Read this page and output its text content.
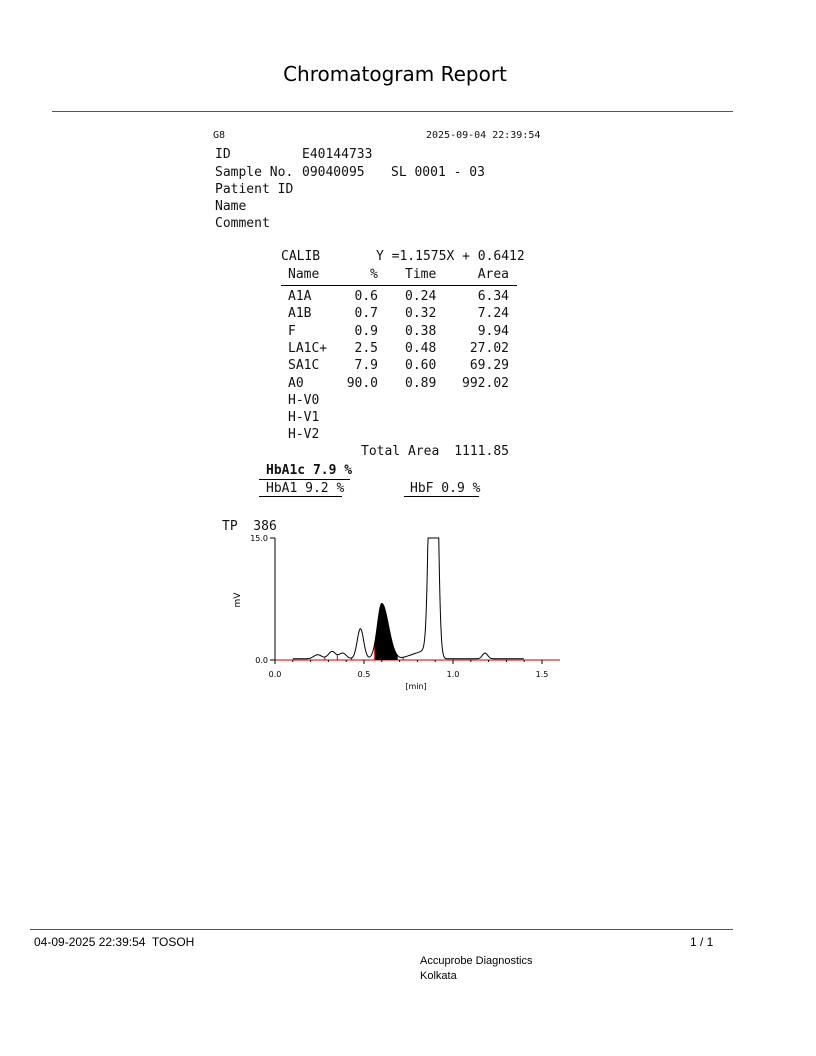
Chromatogram Report
G8	2025-09-04 22:39:54
ID	E40144733
Sample No. 09040095 SL 0001 - 03
Patient ID
Name
Comment
CALIB	Y =1.1575X + 0.6412
Name	% Time	Area
A1A	0.6 0.24	6.34
A1B	0.7 0.32	7.24
F	0.9 0.38	9.94
LA1C+	2.5 0.48	27.02
SA1C	7.9 0.60	69.29
A0	90.0 0.89	992.02
H-V0
H-V1
H-V2
Total Area	1111.85
HbA1c 7.9 %
HbA1 9.2 %	HbF 0.9 %
TP  386
0.0
15.0
0.0	0.5	1.0	1.5
mV
[min]
04-09-2025 22:39:54  TOSOH	1 / 1
Accuprobe Diagnostics
Kolkata
